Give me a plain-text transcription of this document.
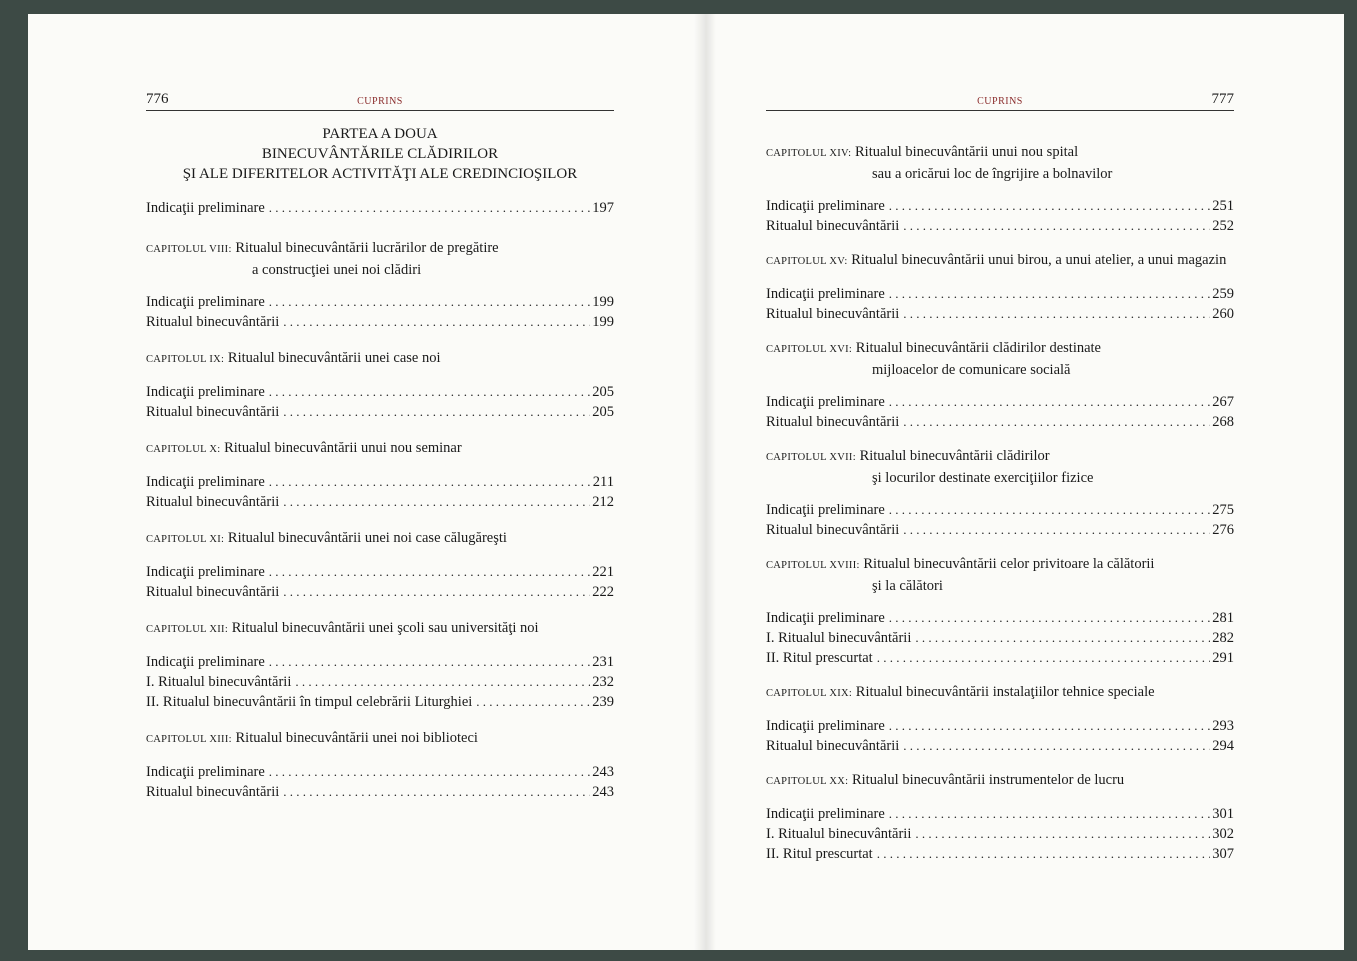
776	CUPRINS
PARTEA A DOUA
BINECUVÂNTĂRILE CLĂDIRILOR
ŞI ALE DIFERITELOR ACTIVITĂŢI ALE CREDINCIOŞILOR
Indicaţii preliminare . . .	197
CAPITOLUL VIII: Ritualul binecuvântării lucrărilor de pregătire
a construcţiei unei noi clădiri
Indicaţii preliminare . . .	199
Ritualul binecuvântării . . .	199
CAPITOLUL IX: Ritualul binecuvântării unei case noi
Indicaţii preliminare . . .	205
Ritualul binecuvântării . . .	205
CAPITOLUL X: Ritualul binecuvântării unui nou seminar
Indicaţii preliminare . . .	211
Ritualul binecuvântării . . .	212
CAPITOLUL XI: Ritualul binecuvântării unei noi case călugăreşti
Indicaţii preliminare . . .	221
Ritualul binecuvântării . . .	222
CAPITOLUL XII: Ritualul binecuvântării unei şcoli sau universităţi noi
Indicaţii preliminare . . .	231
I. Ritualul binecuvântării . . .	232
II. Ritualul binecuvântării în timpul celebrării Liturghiei . . .	239
CAPITOLUL XIII: Ritualul binecuvântării unei noi biblioteci
Indicaţii preliminare . . .	243
Ritualul binecuvântării . . .	243
777
CUPRINS
CAPITOLUL XIV: Ritualul binecuvântării unui nou spital
sau a oricărui loc de îngrijire a bolnavilor
Indicaţii preliminare . . .	251
Ritualul binecuvântării . . .	252
CAPITOLUL XV: Ritualul binecuvântării unui birou, a unui atelier, a unui magazin
Indicaţii preliminare . . .	259
Ritualul binecuvântării . . .	260
CAPITOLUL XVI: Ritualul binecuvântării clădirilor destinate
mijloacelor de comunicare socială
Indicaţii preliminare . . .	267
Ritualul binecuvântării . . .	268
CAPITOLUL XVII: Ritualul binecuvântării clădirilor
şi locurilor destinate exerciţiilor fizice
Indicaţii preliminare . . .	275
Ritualul binecuvântării . . .	276
CAPITOLUL XVIII: Ritualul binecuvântării celor privitoare la călătorii
şi la călători
Indicaţii preliminare . . .	281
I. Ritualul binecuvântării . . .	282
II. Ritul prescurtat . . .	291
CAPITOLUL XIX: Ritualul binecuvântării instalaţiilor tehnice speciale
Indicaţii preliminare . . .	293
Ritualul binecuvântării . . .	294
CAPITOLUL XX: Ritualul binecuvântării instrumentelor de lucru
Indicaţii preliminare . . .	301
I. Ritualul binecuvântării . . .	302
II. Ritul prescurtat . . .	307
